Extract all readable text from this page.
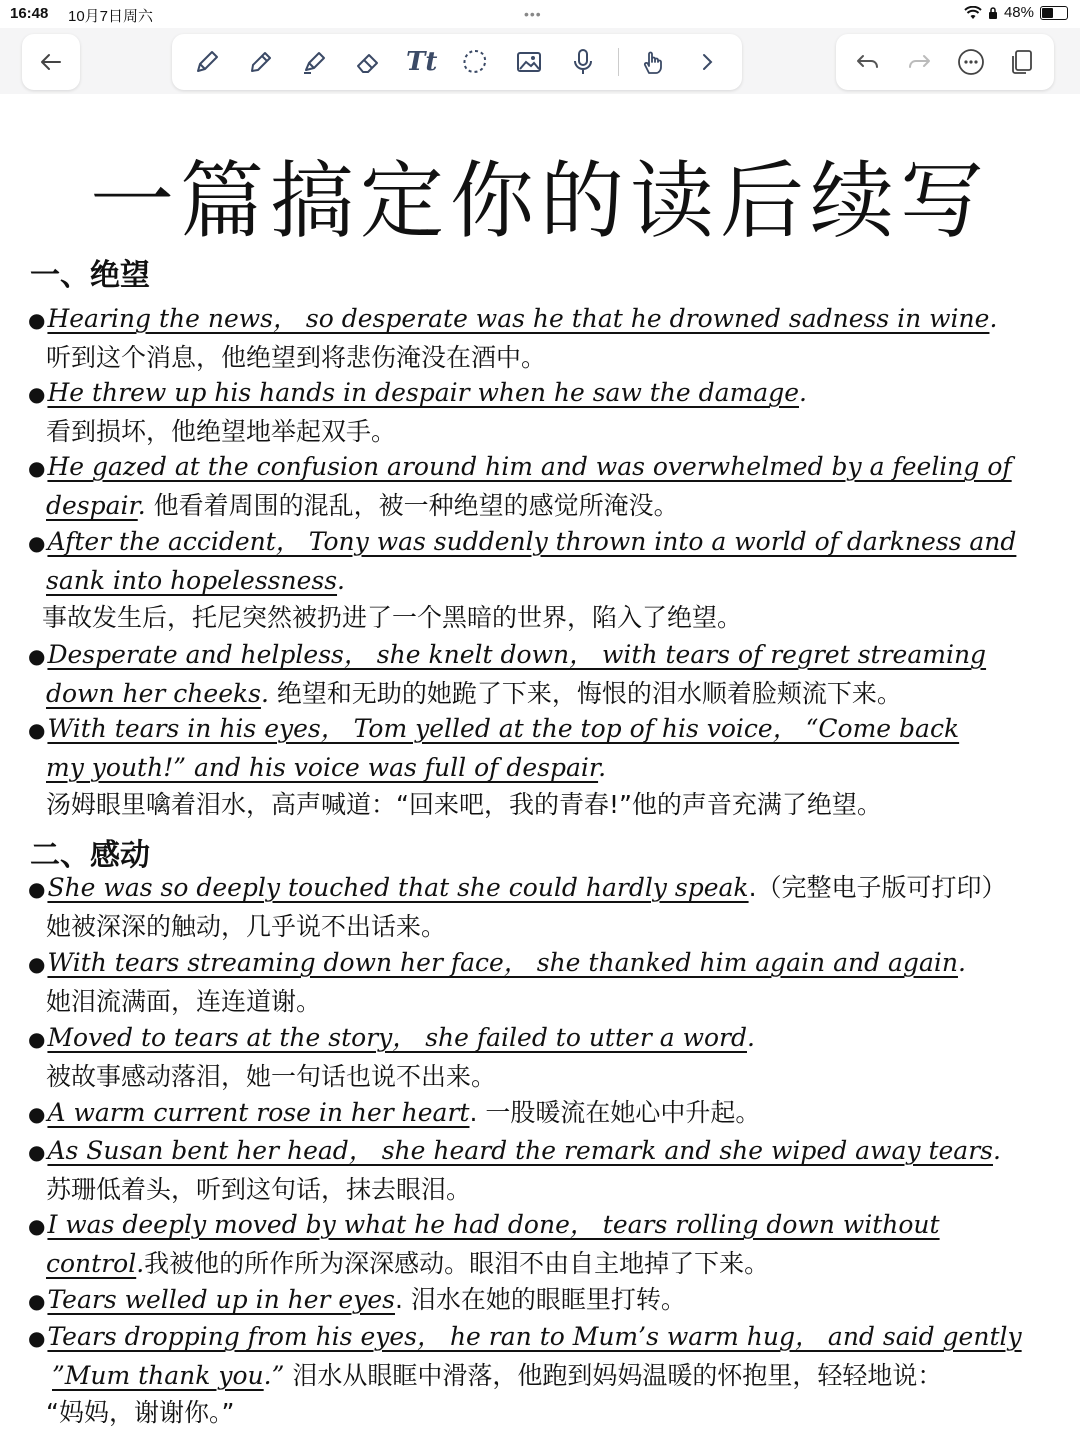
16:48 10月7日周六	•••	48%
Tt
一篇搞定你的读后续写
一、绝望
●Hearing the news， so desperate was he that he drowned sadness in wine.
听到这个消息，他绝望到将悲伤淹没在酒中。
●He threw up his hands in despair when he saw the damage.
看到损坏，他绝望地举起双手。
●He gazed at the confusion around him and was overwhelmed by a feeling of
despair. 他看着周围的混乱，被一种绝望的感觉所淹没。
●After the accident， Tony was suddenly thrown into a world of darkness and
sank into hopelessness.
事故发生后，托尼突然被扔进了一个黑暗的世界，陷入了绝望。
●Desperate and helpless， she knelt down， with tears of regret streaming
down her cheeks. 绝望和无助的她跪了下来，悔恨的泪水顺着脸颊流下来。
●With tears in his eyes， Tom yelled at the top of his voice， “Come back
my youth!” and his voice was full of despair.
汤姆眼里噙着泪水，高声喊道：“回来吧，我的青春!”他的声音充满了绝望。
二、感动
●She was so deeply touched that she could hardly speak.（完整电子版可打印）
她被深深的触动，几乎说不出话来。
●With tears streaming down her face， she thanked him again and again.
她泪流满面，连连道谢。
●Moved to tears at the story， she failed to utter a word.
被故事感动落泪，她一句话也说不出来。
●A warm current rose in her heart. 一股暖流在她心中升起。
●As Susan bent her head， she heard the remark and she wiped away tears.
苏珊低着头，听到这句话，抹去眼泪。
●I was deeply moved by what he had done， tears rolling down without
control.我被他的所作所为深深感动。眼泪不由自主地掉了下来。
●Tears welled up in her eyes. 泪水在她的眼眶里打转。
●Tears dropping from his eyes， he ran to Mum’s warm hug， and said gently
”Mum thank you.” 泪水从眼眶中滑落，他跑到妈妈温暖的怀抱里，轻轻地说：
“妈妈，谢谢你。”
